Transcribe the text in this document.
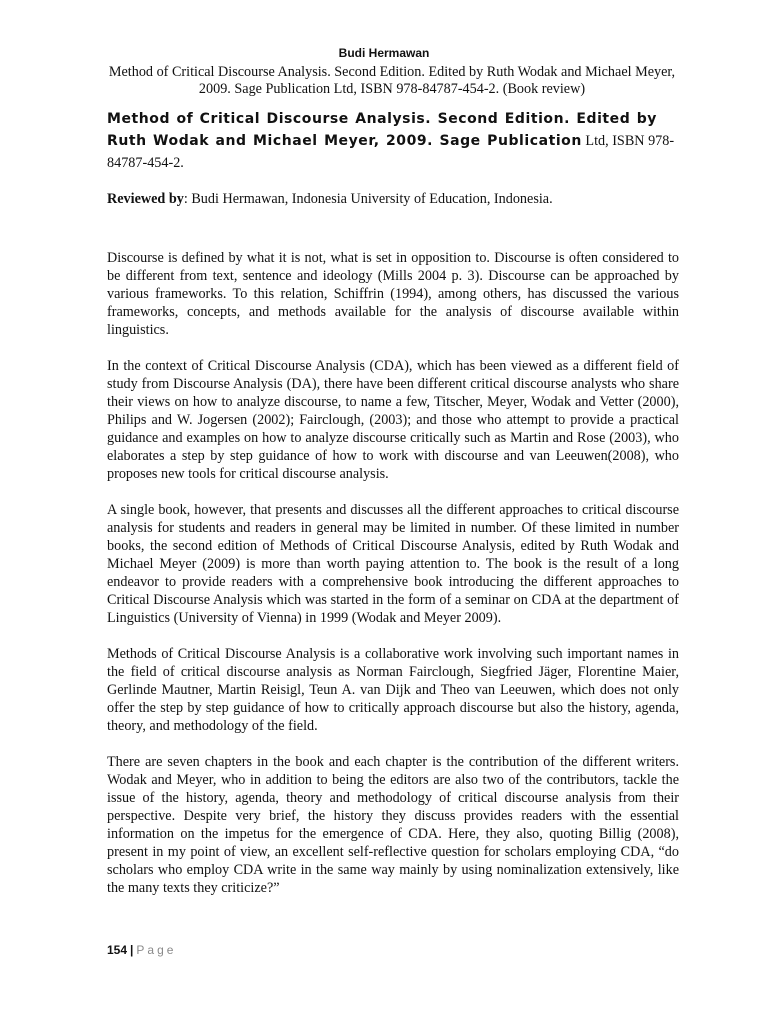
Budi Hermawan
Method of Critical Discourse Analysis. Second Edition. Edited by Ruth Wodak and Michael Meyer, 2009. Sage Publication Ltd, ISBN 978-84787-454-2. (Book review)
Method of Critical Discourse Analysis. Second Edition. Edited by Ruth Wodak and Michael Meyer, 2009. Sage Publication Ltd, ISBN 978-84787-454-2.
Reviewed by: Budi Hermawan, Indonesia University of Education, Indonesia.

Discourse is defined by what it is not, what is set in opposition to. Discourse is often considered to be different from text, sentence and ideology (Mills 2004 p. 3). Discourse can be approached by various frameworks. To this relation, Schiffrin (1994), among others, has discussed the various frameworks, concepts, and methods available for the analysis of discourse available within linguistics.

In the context of Critical Discourse Analysis (CDA), which has been viewed as a different field of study from Discourse Analysis (DA), there have been different critical discourse analysts who share their views on how to analyze discourse, to name a few, Titscher, Meyer, Wodak and Vetter (2000), Philips and W. Jogersen (2002); Fairclough, (2003); and those who attempt to provide a practical guidance and examples on how to analyze discourse critically such as Martin and Rose (2003), who elaborates a step by step guidance of how to work with discourse and van Leeuwen(2008), who proposes new tools for critical discourse analysis.

A single book, however, that presents and discusses all the different approaches to critical discourse analysis for students and readers in general may be limited in number. Of these limited in number books, the second edition of Methods of Critical Discourse Analysis, edited by Ruth Wodak and Michael Meyer (2009) is more than worth paying attention to. The book is the result of a long endeavor to provide readers with a comprehensive book introducing the different approaches to Critical Discourse Analysis which was started in the form of a seminar on CDA at the department of Linguistics (University of Vienna) in 1999 (Wodak and Meyer 2009).

Methods of Critical Discourse Analysis is a collaborative work involving such important names in the field of critical discourse analysis as Norman Fairclough, Siegfried Jäger, Florentine Maier, Gerlinde Mautner, Martin Reisigl, Teun A. van Dijk and Theo van Leeuwen, which does not only offer the step by step guidance of how to critically approach discourse but also the history, agenda, theory, and methodology of the field.

There are seven chapters in the book and each chapter is the contribution of the different writers. Wodak and Meyer, who in addition to being the editors are also two of the contributors, tackle the issue of the history, agenda, theory and methodology of critical discourse analysis from their perspective. Despite very brief, the history they discuss provides readers with the essential information on the impetus for the emergence of CDA. Here, they also, quoting Billig (2008), present in my point of view, an excellent self-reflective question for scholars employing CDA, “do scholars who employ CDA write in the same way mainly by using nominalization extensively, like the many texts they criticize?”

154 | Page
